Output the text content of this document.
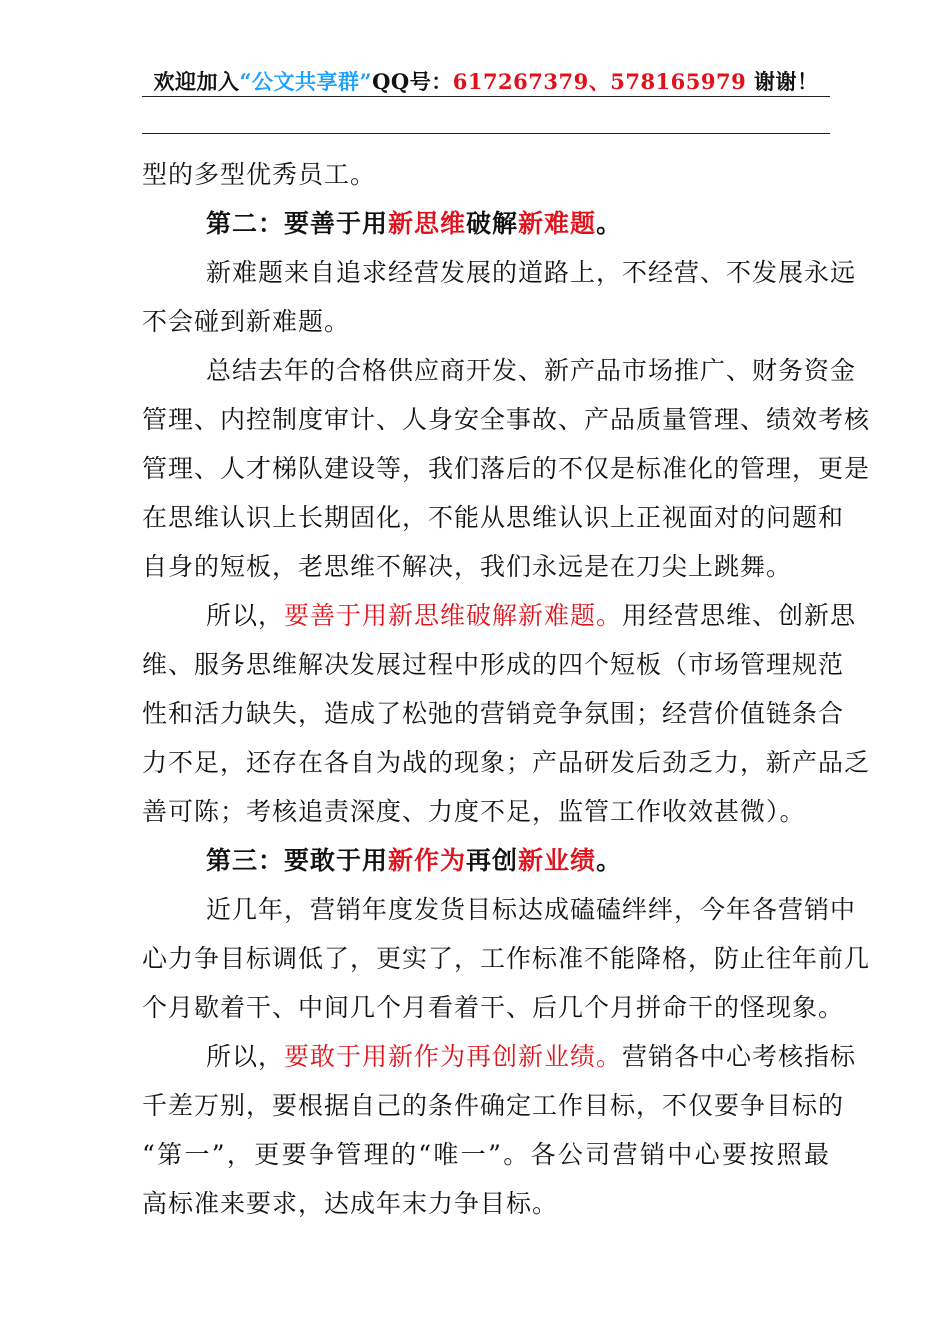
欢迎加入“公文共享群”QQ号：617267379、578165979 谢谢！
型的多型优秀员工。
第二：要善于用新思维破解新难题。
新难题来自追求经营发展的道路上，不经营、不发展永远
不会碰到新难题。
总结去年的合格供应商开发、新产品市场推广、财务资金
管理、内控制度审计、人身安全事故、产品质量管理、绩效考核
管理、人才梯队建设等，我们落后的不仅是标准化的管理，更是
在思维认识上长期固化，不能从思维认识上正视面对的问题和
自身的短板，老思维不解决，我们永远是在刀尖上跳舞。
所以，要善于用新思维破解新难题。用经营思维、创新思
维、服务思维解决发展过程中形成的四个短板（市场管理规范
性和活力缺失，造成了松弛的营销竞争氛围；经营价值链条合
力不足，还存在各自为战的现象；产品研发后劲乏力，新产品乏
善可陈；考核追责深度、力度不足，监管工作收效甚微）。
第三：要敢于用新作为再创新业绩。
近几年，营销年度发货目标达成磕磕绊绊，今年各营销中
心力争目标调低了，更实了，工作标准不能降格，防止往年前几
个月歇着干、中间几个月看着干、后几个月拼命干的怪现象。
所以，要敢于用新作为再创新业绩。营销各中心考核指标
千差万别，要根据自己的条件确定工作目标，不仅要争目标的
“第一”，更要争管理的“唯一”。各公司营销中心要按照最
高标准来要求，达成年末力争目标。
